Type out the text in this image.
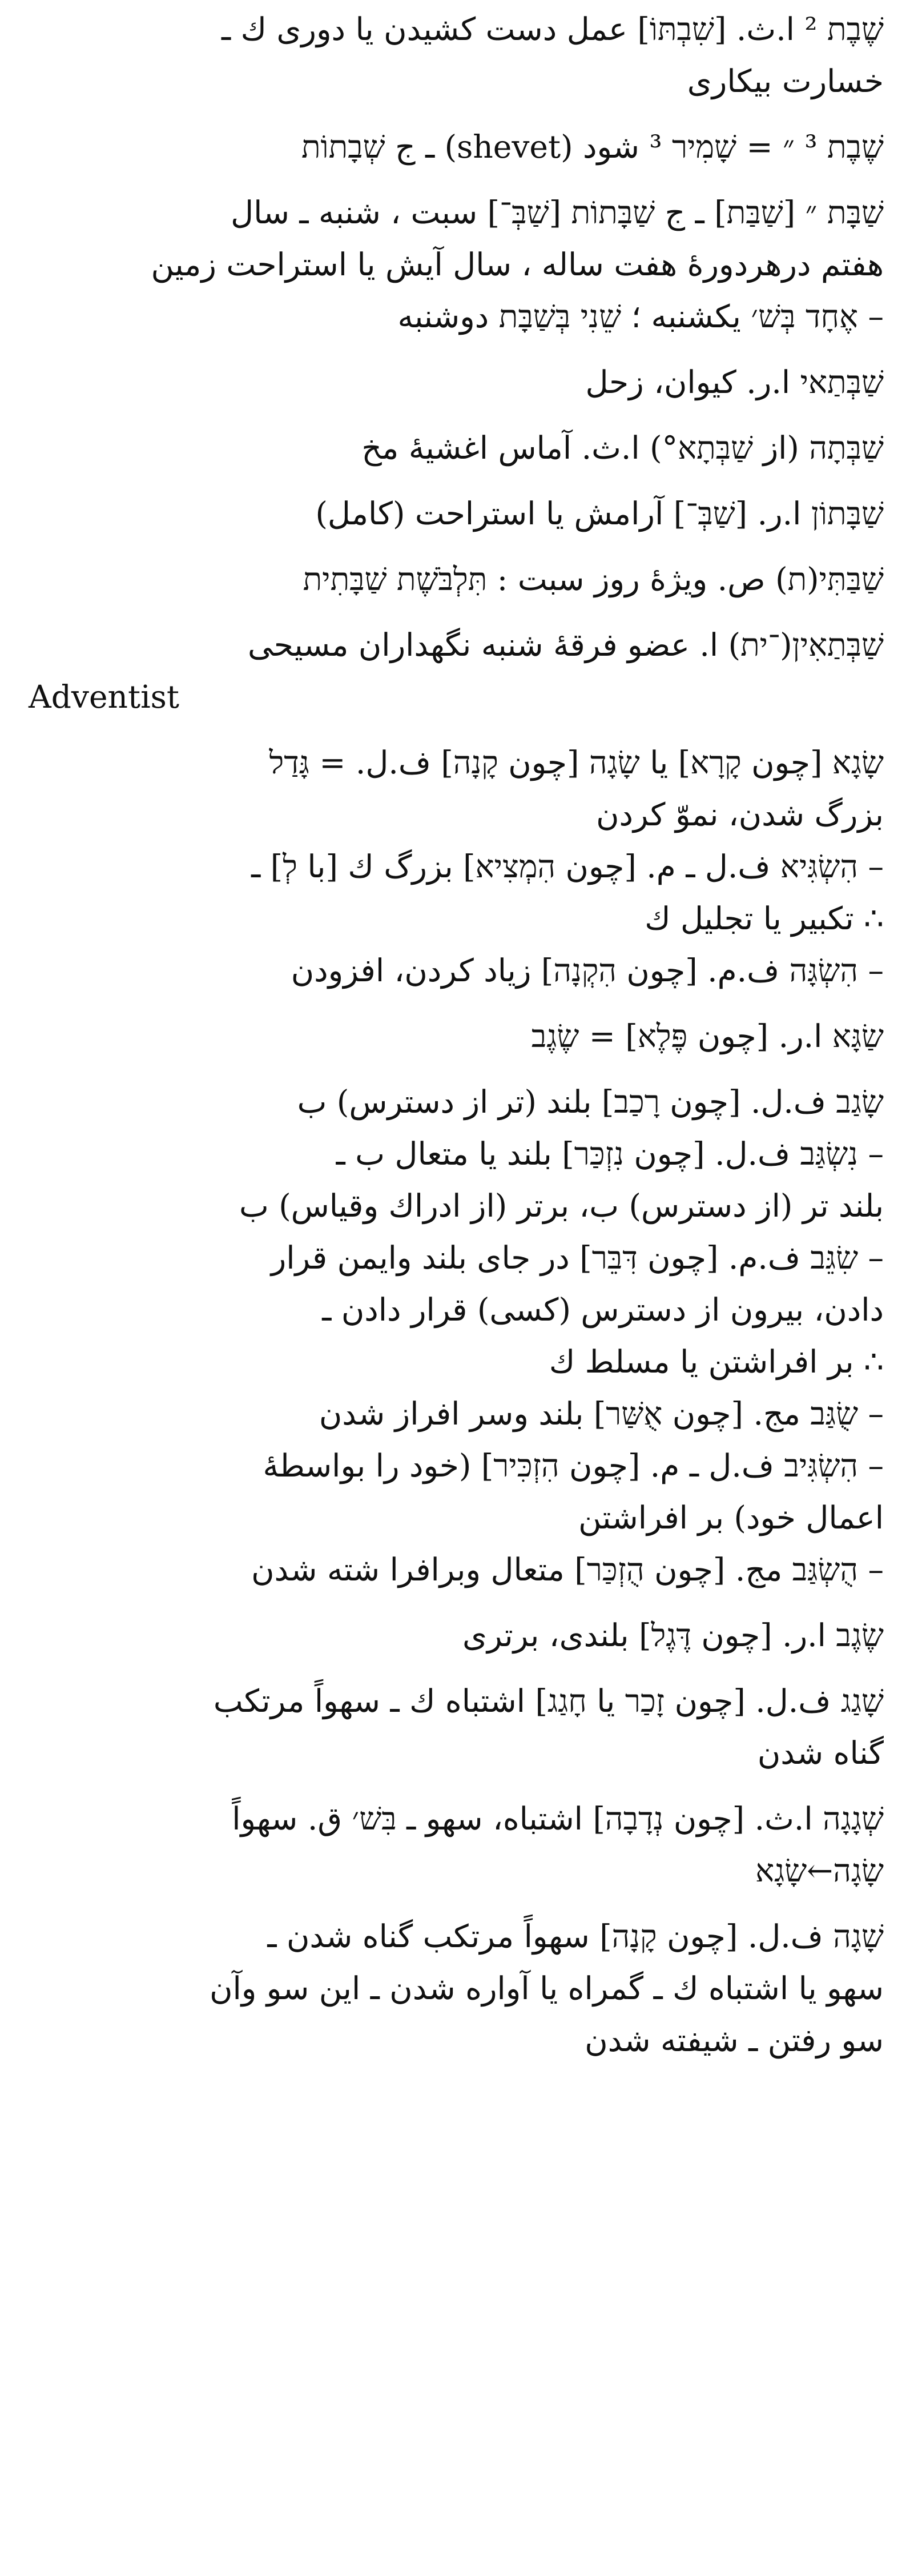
שֶׁבֶת ² ا.ث. [שִׁבְתּוֹ] عمل دست کشیدن یا دوری ك ـ
خسارت بیکاری
שֶׁבֶת ³ ״ = שָׁמִיר ³ شود (shevet) ـ ج שְׁבָתוֹת
שַׁבָּת ״ [שַׁבַּת] ـ ج שַׁבָּתוֹת [שַׁבְּ־] سبت ، شنبه ـ سال
هفتم درهردورهٔ هفت ساله ، سال آیش یا استراحت زمین
– אֶחָד בְּשׁ׳ یکشنبه ؛ שֵׁנִי בְּשַׁבָּת دوشنبه
שַׁבְּתַאי ا.ر. کیوان، زحل
שַׁבְּתָה (از שַׁבְּתָא°) ا.ث. آماس اغشیهٔ مخ
שַׁבָּתוֹן ا.ر. [שַׁבְּ־] آرامش یا استراحت (کامل)
שַׁבַּתִּי(ת) ص. ویژهٔ روز سبت : תִּלְבֹּשֶׁת שַׁבָּתִית
שַׁבְּתַאִין(־ית) ا. عضو فرقهٔ شنبه نگهداران مسیحی
Adventist
שָׂגָא [چون קָרָא] یا שָׂגָה [چون קָנָה] ف.ل. = גָּדַל
بزرگ شدن، نموّ کردن
– הִשְׂגִּיא ف.ل ـ م. [چون הִמְצִיא] بزرگ ك [با לְ] ـ
∴ تکبیر یا تجلیل ك
– הִשְׂגָּה ف.م. [چون הִקְנָה] زیاد کردن، افزودن
שַׂגָּא ا.ر. [چون פֶּלֶא] = שֶׂגֶב
שָׂגַב ف.ل. [چون רָכַב] بلند (تر از دسترس) ب
– נִשְׂגַּב ف.ل. [چون נִזְכַּר] بلند یا متعال ب ـ
بلند تر (از دسترس) ب، برتر (از ادراك وقیاس) ب
– שִׂגֵּב ف.م. [چون דִּבֵּר] در جای بلند وایمن قرار
دادن، بیرون از دسترس (کسی) قرار دادن ـ
∴ بر افراشتن یا مسلط ك
– שֻׂגַּב مج. [چون אֻשַּׁר] بلند وسر افراز شدن
– הִשְׂגִּיב ف.ل ـ م. [چون הִזְכִּיר] (خود را بواسطهٔ
اعمال خود) بر افراشتن
– הֻשְׂגַּב مج. [چون הֻזְכַּר] متعال وبرافرا شته شدن
שֶׂגֶב ا.ر. [چون דֶּגֶל] بلندی، برتری
שָׁגַג ف.ل. [چون זָכַר یا חָגַג] اشتباه ك ـ سهواً مرتکب
گناه شدن
שְׁגָגָה ا.ث. [چون נְדָבָה] اشتباه، سهو ـ בִּשׁ׳ ق. سهواً
שָׂגָה←שָׂגָא
שָׁגָה ف.ل. [چون קָנָה] سهواً مرتکب گناه شدن ـ
سهو یا اشتباه ك ـ گمراه یا آواره شدن ـ این سو وآن
سو رفتن ـ شیفته شدن
